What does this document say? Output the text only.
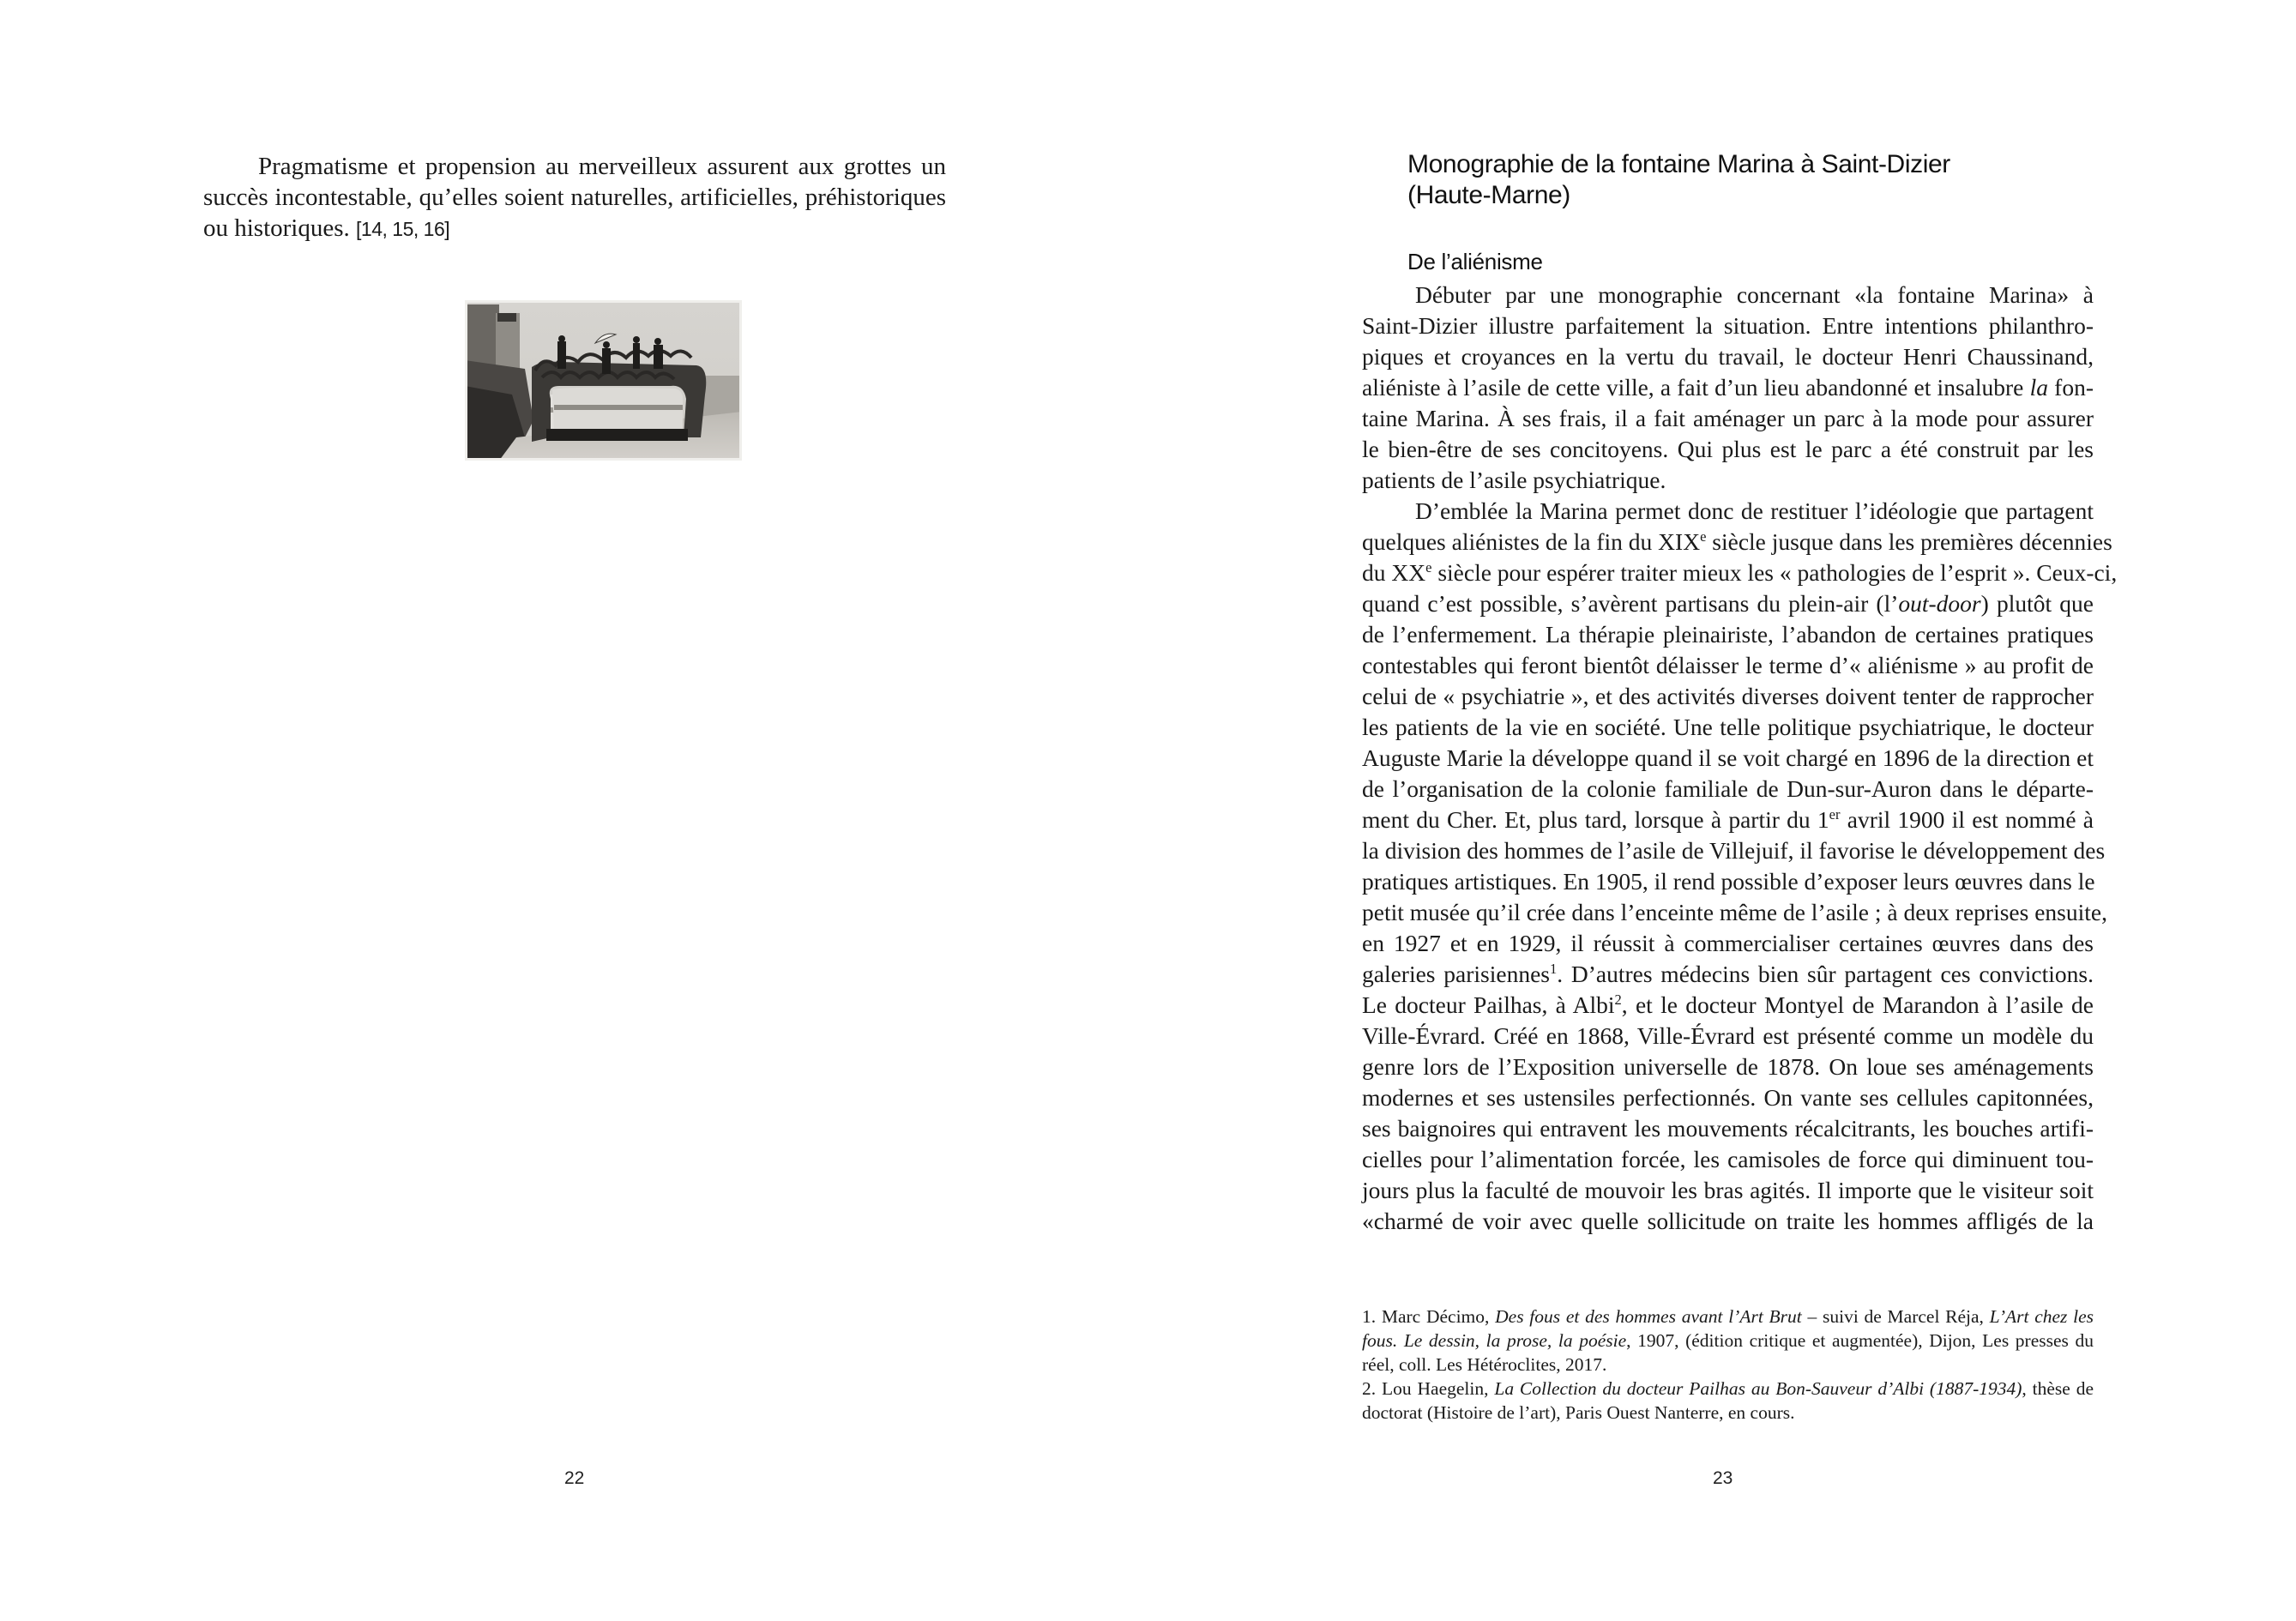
Pragmatisme et propension au merveilleux assurent aux grottes un succès incontestable, qu’elles soient naturelles, artificielles, préhistoriques ou historiques. [14, 15, 16]

22
Monographie de la fontaine Marina à Saint-Dizier
(Haute-Marne)
De l’aliénisme
Débuter par une monographie concernant «la fontaine Marina» à
Saint-Dizier illustre parfaitement la situation. Entre intentions philanthro-
piques et croyances en la vertu du travail, le docteur Henri Chaussinand,
aliéniste à l’asile de cette ville, a fait d’un lieu abandonné et insalubre la fon-
taine Marina. À ses frais, il a fait aménager un parc à la mode pour assurer
le bien-être de ses concitoyens. Qui plus est le parc a été construit par les
patients de l’asile psychiatrique.
D’emblée la Marina permet donc de restituer l’idéologie que partagent
quelques aliénistes de la fin du XIXe siècle jusque dans les premières décennies
du XXe siècle pour espérer traiter mieux les « pathologies de l’esprit ». Ceux-ci,
quand c’est possible, s’avèrent partisans du plein-air (l’out-door) plutôt que
de l’enfermement. La thérapie pleinairiste, l’abandon de certaines pratiques
contestables qui feront bientôt délaisser le terme d’« aliénisme » au profit de
celui de « psychiatrie », et des activités diverses doivent tenter de rapprocher
les patients de la vie en société. Une telle politique psychiatrique, le docteur
Auguste Marie la développe quand il se voit chargé en 1896 de la direction et
de l’organisation de la colonie familiale de Dun-sur-Auron dans le départe-
ment du Cher. Et, plus tard, lorsque à partir du 1er avril 1900 il est nommé à
la division des hommes de l’asile de Villejuif, il favorise le développement des
pratiques artistiques. En 1905, il rend possible d’exposer leurs œuvres dans le
petit musée qu’il crée dans l’enceinte même de l’asile ; à deux reprises ensuite,
en 1927 et en 1929, il réussit à commercialiser certaines œuvres dans des
galeries parisiennes$^1$. D’autres médecins bien sûr partagent ces convictions.
Le docteur Pailhas, à Albi$^2$, et le docteur Montyel de Marandon à l’asile de
Ville-Évrard. Créé en 1868, Ville-Évrard est présenté comme un modèle du
genre lors de l’Exposition universelle de 1878. On loue ses aménagements
modernes et ses ustensiles perfectionnés. On vante ses cellules capitonnées,
ses baignoires qui entravent les mouvements récalcitrants, les bouches artifi-
cielles pour l’alimentation forcée, les camisoles de force qui diminuent tou-
jours plus la faculté de mouvoir les bras agités. Il importe que le visiteur soit
«charmé de voir avec quelle sollicitude on traite les hommes affligés de la
1. Marc Décimo, Des fous et des hommes avant l’Art Brut – suivi de Marcel Réja, L’Art chez les
fous. Le dessin, la prose, la poésie, 1907, (édition critique et augmentée), Dijon, Les presses du
réel, coll. Les Hétéroclites, 2017.
2. Lou Haegelin, La Collection du docteur Pailhas au Bon-Sauveur d’Albi (1887-1934), thèse de
doctorat (Histoire de l’art), Paris Ouest Nanterre, en cours.
23
